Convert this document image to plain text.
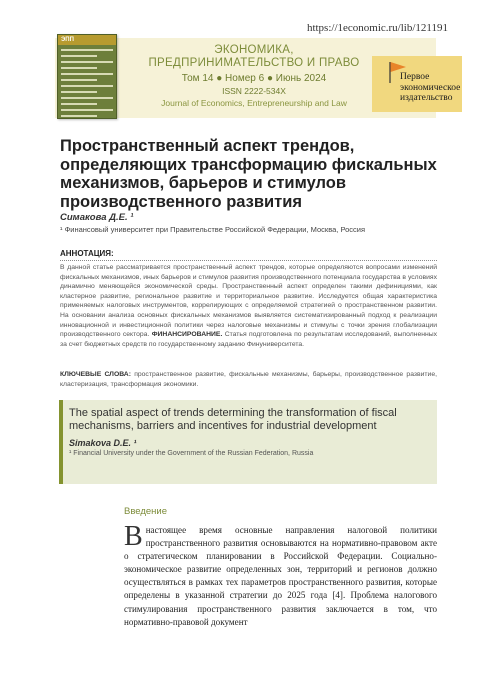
https://1economic.ru/lib/121191
ЭПП
ЭКОНОМИКА,
ПРЕДПРИНИМАТЕЛЬСТВО И ПРАВО
Том 14 ● Номер 6 ● Июнь 2024
ISSN 2222-534X
Journal of Economics, Entrepreneurship and Law
Первое
экономическое
издательство
Пространственный аспект трендов, определяющих трансформацию фискальных механизмов, барьеров и стимулов производственного развития
Симакова Д.Е. ¹
¹ Финансовый университет при Правительстве Российской Федерации, Москва, Россия
АННОТАЦИЯ:
В данной статье рассматривается пространственный аспект трендов, которые определяются вопросами изменений фискальных механизмов, иных барьеров и стимулов развития производственного потенциала государства в условиях динамично меняющейся экономической среды. Пространственный аспект определен такими дефинициями, как кластерное развитие, региональное развитие и территориальное развитие. Исследуется общая характеристика применяемых налоговых инструментов, коррелирующих с определяемой стратегией о пространственном развитии. На основании анализа основных фискальных механизмов выявляется систематизированный подход к реализации инновационной и инвестиционной политики через налоговые механизмы и стимулы с точки зрения глобализации производственного сектора. ФИНАНСИРОВАНИЕ. Статья подготовлена по результатам исследований, выполненных за счет бюджетных средств по государственному заданию Финуниверситета.
КЛЮЧЕВЫЕ СЛОВА: пространственное развитие, фискальные механизмы, барьеры, производственное развитие, кластеризация, трансформация экономики.
The spatial aspect of trends determining the transformation of fiscal mechanisms, barriers and incentives for industrial development
Simakova D.E. ¹
¹ Financial University under the Government of the Russian Federation, Russia
Введение
В настоящее время основные направления налоговой политики пространственного развития основываются на нормативно-правовом акте о стратегическом планировании в Российской Федерации. Социально-экономическое развитие определенных зон, территорий и регионов должно осуществляться в рамках тех параметров пространственного развития, которые определены в указанной стратегии до 2025 года [4]. Проблема налогового стимулирования пространственного развития заключается в том, что нормативно-правовой документ
